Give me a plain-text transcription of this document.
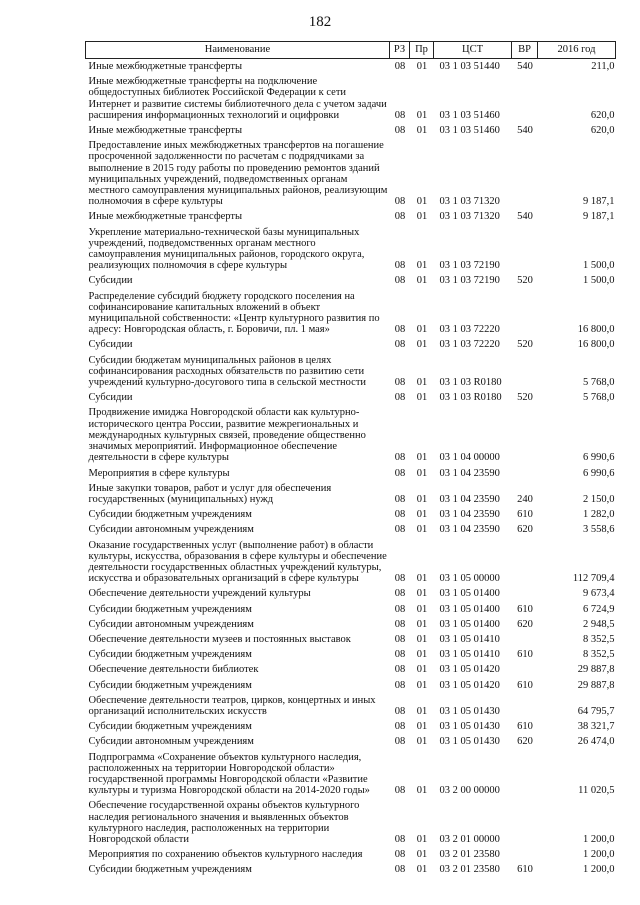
182
Наименование	РЗ	Пр	ЦСТ	ВР	2016 год
Иные межбюджетные трансферты	08	01	03 1 03 51440	540	211,0
Иные межбюджетные трансферты на подключение общедоступных библиотек Российской Федерации к сети Интернет и развитие системы библиотечного дела с учетом задачи расширения информационных технологий и оцифровки	08	01	03 1 03 51460		620,0
Иные межбюджетные трансферты	08	01	03 1 03 51460	540	620,0
Предоставление иных межбюджетных трансфертов на погашение просроченной задолженности по расчетам с подрядчиками за выполнение в 2015 году работы по проведению ремонтов зданий муниципальных учреждений, подведомственных органам местного самоуправления муниципальных районов, реализующим полномочия в сфере культуры	08	01	03 1 03 71320		9 187,1
Иные межбюджетные трансферты	08	01	03 1 03 71320	540	9 187,1
Укрепление материально-технической базы муниципальных учреждений, подведомственных органам местного самоуправления муниципальных районов, городского округа, реализующих полномочия в сфере культуры	08	01	03 1 03 72190		1 500,0
Субсидии	08	01	03 1 03 72190	520	1 500,0
Распределение субсидий бюджету городского поселения на софинансирование капитальных вложений в объект муниципальной собственности: «Центр культурного развития по адресу: Новгородская область, г. Боровичи, пл. 1 мая»	08	01	03 1 03 72220		16 800,0
Субсидии	08	01	03 1 03 72220	520	16 800,0
Субсидии бюджетам муниципальных районов в целях софинансирования расходных обязательств по развитию сети учреждений культурно-досугового типа в сельской местности	08	01	03 1 03 R0180		5 768,0
Субсидии	08	01	03 1 03 R0180	520	5 768,0
Продвижение имиджа Новгородской области как культурно-исторического центра России, развитие межрегиональных и международных культурных связей, проведение общественно значимых мероприятий. Информационное обеспечение деятельности в сфере культуры	08	01	03 1 04 00000		6 990,6
Мероприятия в сфере культуры	08	01	03 1 04 23590		6 990,6
Иные закупки товаров, работ и услуг для обеспечения государственных (муниципальных) нужд	08	01	03 1 04 23590	240	2 150,0
Субсидии бюджетным учреждениям	08	01	03 1 04 23590	610	1 282,0
Субсидии автономным учреждениям	08	01	03 1 04 23590	620	3 558,6
Оказание государственных услуг (выполнение работ) в области культуры, искусства, образования в сфере культуры и обеспечение деятельности государственных областных учреждений культуры, искусства и образовательных организаций в сфере культуры	08	01	03 1 05 00000		112 709,4
Обеспечение деятельности учреждений культуры	08	01	03 1 05 01400		9 673,4
Субсидии бюджетным учреждениям	08	01	03 1 05 01400	610	6 724,9
Субсидии автономным учреждениям	08	01	03 1 05 01400	620	2 948,5
Обеспечение деятельности музеев и постоянных выставок	08	01	03 1 05 01410		8 352,5
Субсидии бюджетным учреждениям	08	01	03 1 05 01410	610	8 352,5
Обеспечение деятельности библиотек	08	01	03 1 05 01420		29 887,8
Субсидии бюджетным учреждениям	08	01	03 1 05 01420	610	29 887,8
Обеспечение деятельности театров, цирков, концертных и иных организаций исполнительских искусств	08	01	03 1 05 01430		64 795,7
Субсидии бюджетным учреждениям	08	01	03 1 05 01430	610	38 321,7
Субсидии автономным учреждениям	08	01	03 1 05 01430	620	26 474,0
Подпрограмма «Сохранение объектов культурного наследия, расположенных на территории Новгородской области» государственной программы Новгородской области «Развитие культуры и туризма Новгородской области на 2014-2020 годы»	08	01	03 2 00 00000		11 020,5
Обеспечение государственной охраны объектов культурного наследия регионального значения и выявленных объектов культурного наследия, расположенных на территории Новгородской области	08	01	03 2 01 00000		1 200,0
Мероприятия по сохранению объектов культурного наследия	08	01	03 2 01 23580		1 200,0
Субсидии бюджетным учреждениям	08	01	03 2 01 23580	610	1 200,0
